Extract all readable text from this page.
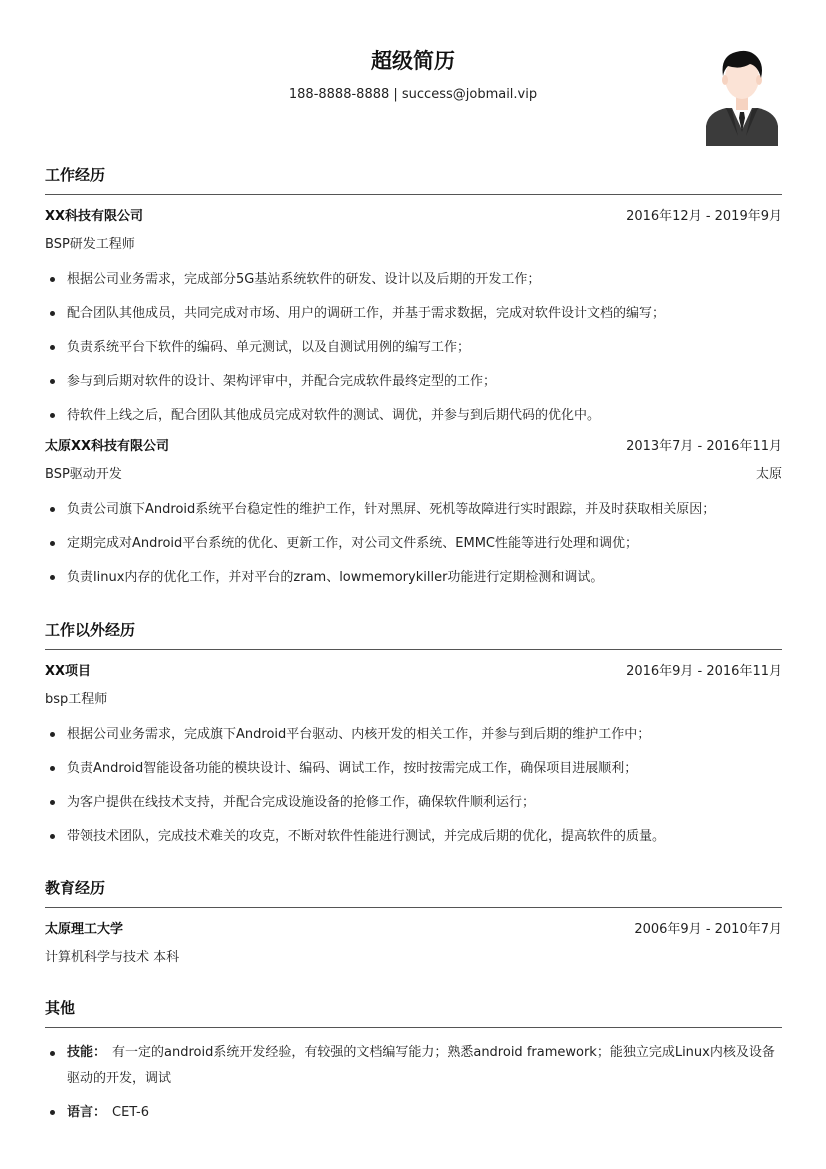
超级简历
188-8888-8888 | success@jobmail.vip
工作经历
XX科技有限公司	2016年12月 - 2019年9月
BSP研发工程师
根据公司业务需求，完成部分5G基站系统软件的研发、设计以及后期的开发工作；
配合团队其他成员，共同完成对市场、用户的调研工作，并基于需求数据，完成对软件设计文档的编写；
负责系统平台下软件的编码、单元测试，以及自测试用例的编写工作；
参与到后期对软件的设计、架构评审中，并配合完成软件最终定型的工作；
待软件上线之后，配合团队其他成员完成对软件的测试、调优，并参与到后期代码的优化中。
太原XX科技有限公司	2013年7月 - 2016年11月
BSP驱动开发	太原
负责公司旗下Android系统平台稳定性的维护工作，针对黑屏、死机等故障进行实时跟踪，并及时获取相关原因；
定期完成对Android平台系统的优化、更新工作，对公司文件系统、EMMC性能等进行处理和调优；
负责linux内存的优化工作，并对平台的zram、lowmemorykiller功能进行定期检测和调试。
工作以外经历
XX项目	2016年9月 - 2016年11月
bsp工程师
根据公司业务需求，完成旗下Android平台驱动、内核开发的相关工作，并参与到后期的维护工作中；
负责Android智能设备功能的模块设计、编码、调试工作，按时按需完成工作，确保项目进展顺利；
为客户提供在线技术支持，并配合完成设施设备的抢修工作，确保软件顺利运行；
带领技术团队，完成技术难关的攻克，不断对软件性能进行测试，并完成后期的优化，提高软件的质量。
教育经历
太原理工大学	2006年9月 - 2010年7月
计算机科学与技术 本科
其他
技能： 有一定的android系统开发经验，有较强的文档编写能力；熟悉android framework；能独立完成Linux内核及设备驱动的开发，调试
语言： CET-6
